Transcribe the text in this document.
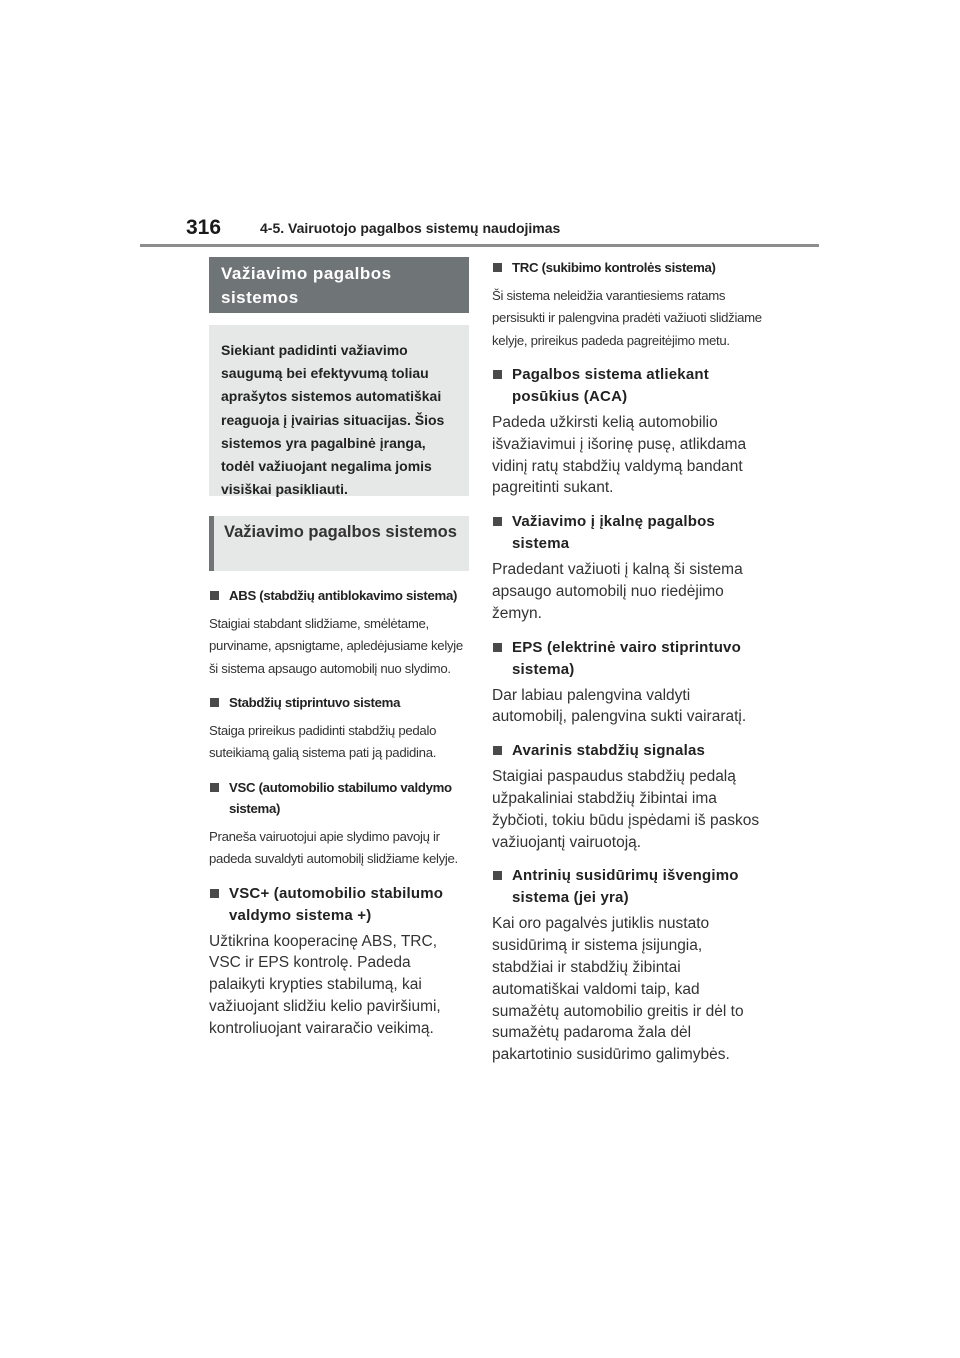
316	4-5. Vairuotojo pagalbos sistemų naudojimas
Važiavimo pagalbos sistemos
Siekiant padidinti važiavimo saugumą bei efektyvumą toliau aprašytos sistemos automatiškai reaguoja į įvairias situacijas. Šios sistemos yra pagalbinė įranga, todėl važiuojant negalima jomis visiškai pasikliauti.
Važiavimo pagalbos sistemos
ABS (stabdžių antiblokavimo sistema)
Staigiai stabdant slidžiame, smėlėtame, purviname, apsnigtame, apledėjusiame kelyje ši sistema apsaugo automobilį nuo slydimo.
Stabdžių stiprintuvo sistema
Staiga prireikus padidinti stabdžių pedalo suteikiamą galią sistema pati ją padidina.
VSC (automobilio stabilumo valdymo sistema)
Praneša vairuotojui apie slydimo pavojų ir padeda suvaldyti automobilį slidžiame kelyje.
VSC+ (automobilio stabilumo valdymo sistema +)
Užtikrina kooperacinę ABS, TRC, VSC ir EPS kontrolę. Padeda palaikyti krypties stabilumą, kai važiuojant slidžiu kelio paviršiumi, kontroliuojant vairaračio veikimą.
TRC (sukibimo kontrolės sistema)
Ši sistema neleidžia varantiesiems ratams persisukti ir palengvina pradėti važiuoti slidžiame kelyje, prireikus padeda pagreitėjimo metu.
Pagalbos sistema atliekant posūkius (ACA)
Padeda užkirsti kelią automobilio išvažiavimui į išorinę pusę, atlikdama vidinį ratų stabdžių valdymą bandant pagreitinti sukant.
Važiavimo į įkalnę pagalbos sistema
Pradedant važiuoti į kalną ši sistema apsaugo automobilį nuo riedėjimo žemyn.
EPS (elektrinė vairo stiprintuvo sistema)
Dar labiau palengvina valdyti automobilį, palengvina sukti vairaratį.
Avarinis stabdžių signalas
Staigiai paspaudus stabdžių pedalą užpakaliniai stabdžių žibintai ima žybčioti, tokiu būdu įspėdami iš paskos važiuojantį vairuotoją.
Antrinių susidūrimų išvengimo sistema (jei yra)
Kai oro pagalvės jutiklis nustato susidūrimą ir sistema įsijungia, stabdžiai ir stabdžių žibintai automatiškai valdomi taip, kad sumažėtų automobilio greitis ir dėl to sumažėtų padaroma žala dėl pakartotinio susidūrimo galimybės.
